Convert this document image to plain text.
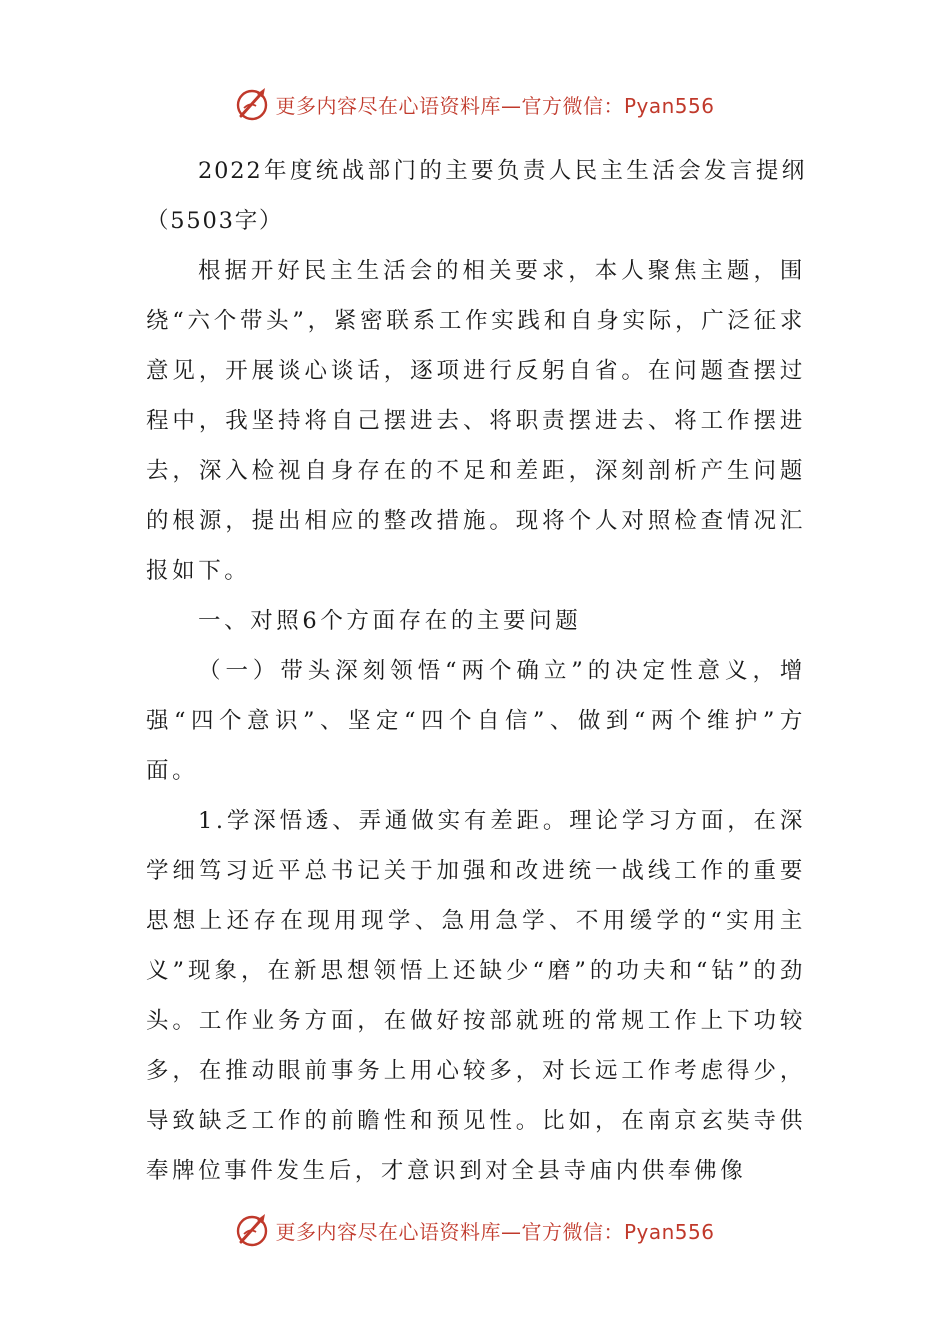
更多内容尽在心语资料库—官方微信：Pyan556

2022年度统战部门的主要负责人民主生活会发言提纲（5503字）

根据开好民主生活会的相关要求，本人聚焦主题，围绕“六个带头”，紧密联系工作实践和自身实际，广泛征求意见，开展谈心谈话，逐项进行反躬自省。在问题查摆过程中，我坚持将自己摆进去、将职责摆进去、将工作摆进去，深入检视自身存在的不足和差距，深刻剖析产生问题的根源，提出相应的整改措施。现将个人对照检查情况汇报如下。

一、对照6个方面存在的主要问题

（一）带头深刻领悟“两个确立”的决定性意义，增强“四个意识”、坚定“四个自信”、做到“两个维护”方面。

1.学深悟透、弄通做实有差距。理论学习方面，在深学细笃习近平总书记关于加强和改进统一战线工作的重要思想上还存在现用现学、急用急学、不用缓学的“实用主义”现象，在新思想领悟上还缺少“磨”的功夫和“钻”的劲头。工作业务方面，在做好按部就班的常规工作上下功较多，在推动眼前事务上用心较多，对长远工作考虑得少，导致缺乏工作的前瞻性和预见性。比如，在南京玄奘寺供奉牌位事件发生后，才意识到对全县寺庙内供奉佛像

更多内容尽在心语资料库—官方微信：Pyan556
